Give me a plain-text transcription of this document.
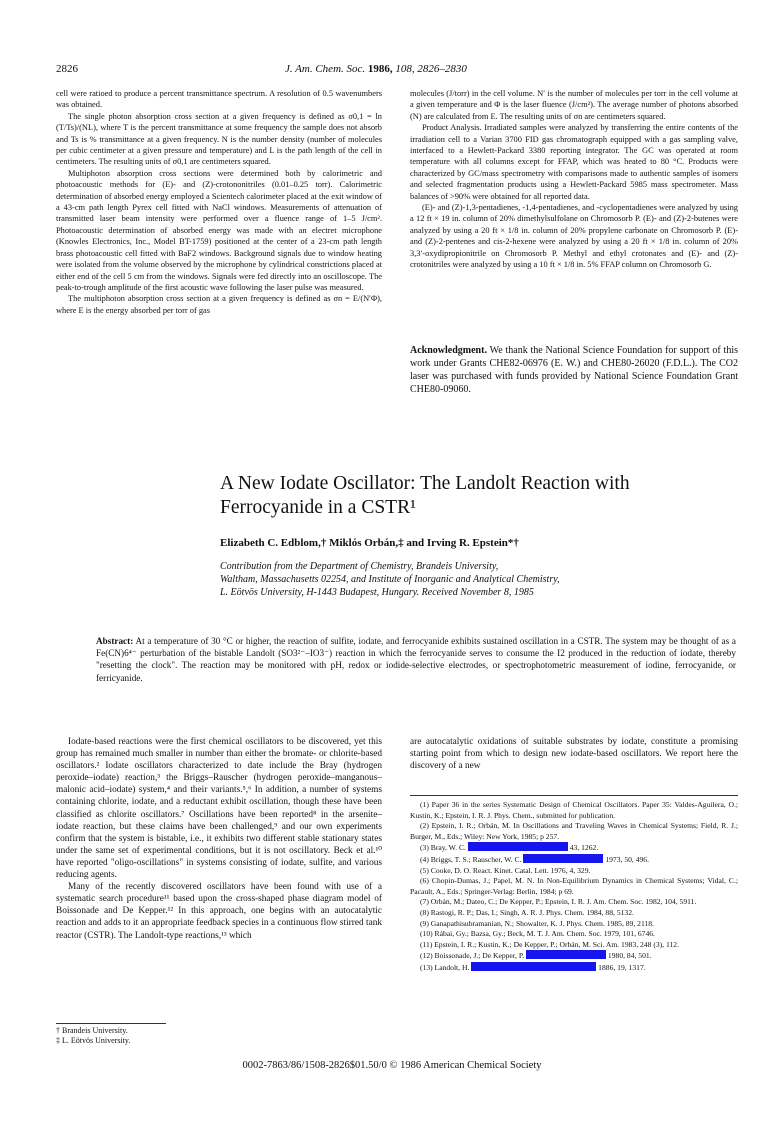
2826	J. Am. Chem. Soc. 1986, 108, 2826–2830

cell were ratioed to produce a percent transmittance spectrum. A resolution of 0.5 wavenumbers was obtained.

The single photon absorption cross section at a given frequency is defined as σ0,1 = ln (T/Ts)/(NL), where T is the percent transmittance at some frequency the sample does not absorb and Ts is % transmittance at a given frequency. N is the number density (number of molecules per cubic centimeter at a given pressure and temperature) and L is the path length of the cell in centimeters. The resulting units of σ0,1 are centimeters squared.

Multiphoton absorption cross sections were determined both by calorimetric and photoacoustic methods for (E)- and (Z)-crotononitriles (0.01–0.25 torr). Calorimetric determination of absorbed energy employed a Scientech calorimeter placed at the exit window of a 43-cm path length Pyrex cell fitted with NaCl windows. Measurements of attenuation of transmitted laser beam intensity were performed over a fluence range of 1–5 J/cm². Photoacoustic determination of absorbed energy was made with an electret microphone (Knowles Electronics, Inc., Model BT-1759) positioned at the center of a 23-cm path length brass photoacoustic cell fitted with BaF2 windows. Background signals due to window heating were isolated from the volume observed by the microphone by cylindrical constrictions placed at either end of the cell 5 cm from the windows. Signals were fed directly into an oscilloscope. The peak-to-trough amplitude of the first acoustic wave following the laser pulse was measured.

The multiphoton absorption cross section at a given frequency is defined as σn = E/(N′Φ), where E is the energy absorbed per torr of gas

molecules (J/torr) in the cell volume. N′ is the number of molecules per torr in the cell volume at a given temperature and Φ is the laser fluence (J/cm²). The average number of photons absorbed (N) are calculated from E. The resulting units of σn are centimeters squared.

Product Analysis. Irradiated samples were analyzed by transferring the entire contents of the irradiation cell to a Varian 3700 FID gas chromatograph equipped with a gas sampling valve, interfaced to a Hewlett-Packard 3380 reporting integrator. The GC was operated at room temperature with all columns except for FFAP, which was heated to 80 °C. Products were characterized by GC/mass spectrometry with comparisons made to authentic samples of isomers and selected fragmentation products using a Hewlett-Packard 5985 mass spectrometer. Mass balances of >90% were obtained for all reported data.

(E)- and (Z)-1,3-pentadienes, -1,4-pentadienes, and -cyclopentadienes were analyzed by using a 12 ft × 19 in. column of 20% dimethylsulfolane on Chromosorb P. (E)- and (Z)-2-butenes were analyzed by using a 20 ft × 1/8 in. column of 20% propylene carbonate on Chromosorb P. (E)- and (Z)-2-pentenes and cis-2-hexene were analyzed by using a 20 ft × 1/8 in. column of 20% 3,3′-oxydipropionitrile on Chromosorb P. Methyl and ethyl crotonates and (E)- and (Z)-crotonitriles were analyzed by using a 10 ft × 1/8 in. 5% FFAP column on Chromosorb G.

Acknowledgment. We thank the National Science Foundation for support of this work under Grants CHE82-06976 (E. W.) and CHE80-26020 (F.D.L.). The CO2 laser was purchased with funds provided by National Science Foundation Grant CHE80-09060.
A New Iodate Oscillator: The Landolt Reaction with
Ferrocyanide in a CSTR¹
Elizabeth C. Edblom,† Miklós Orbán,‡ and Irving R. Epstein*†
Contribution from the Department of Chemistry, Brandeis University,
Waltham, Massachusetts 02254, and Institute of Inorganic and Analytical Chemistry,
L. Eötvös University, H-1443 Budapest, Hungary. Received November 8, 1985
Abstract: At a temperature of 30 °C or higher, the reaction of sulfite, iodate, and ferrocyanide exhibits sustained oscillation in a CSTR. The system may be thought of as a Fe(CN)6⁴⁻ perturbation of the bistable Landolt (SO3²⁻–IO3⁻) reaction in which the ferrocyanide serves to consume the I2 produced in the reduction of iodate, thereby "resetting the clock". The reaction may be monitored with pH, redox or iodide-selective electrodes, or spectrophotometric measurement of iodine, ferrocyanide, or ferricyanide.

Iodate-based reactions were the first chemical oscillators to be discovered, yet this group has remained much smaller in number than either the bromate- or chlorite-based oscillators.² Iodate oscillators characterized to date include the Bray (hydrogen peroxide–iodate) reaction,³ the Briggs–Rauscher (hydrogen peroxide–manganous–malonic acid–iodate) system,⁴ and their variants.⁵,⁶ In addition, a number of systems containing chlorite, iodate, and a reductant exhibit oscillation, though these have been classified as chlorite oscillators.⁷ Oscillations have been reported⁸ in the arsenite–iodate reaction, but these claims have been challenged,⁹ and our own experiments confirm that the system is bistable, i.e., it exhibits two different stable stationary states under the same set of experimental conditions, but it is not oscillatory. Beck et al.¹⁰ have reported "oligo-oscillations" in systems consisting of iodate, sulfite, and various reducing agents.

Many of the recently discovered oscillators have been found with use of a systematic search procedure¹¹ based upon the cross-shaped phase diagram model of Boissonade and De Kepper.¹² In this approach, one begins with an autocatalytic reaction and adds to it an appropriate feedback species in a continuous flow stirred tank reactor (CSTR). The Landolt-type reactions,¹³ which

are autocatalytic oxidations of suitable substrates by iodate, constitute a promising starting point from which to design new iodate-based oscillators. We report here the discovery of a new

(1) Paper 36 in the series Systematic Design of Chemical Oscillators. Paper 35: Valdes-Aguilera, O.; Kustin, K.; Epstein, I. R. J. Phys. Chem., submitted for publication.

(2) Epstein, I. R.; Orbán, M. In Oscillations and Traveling Waves in Chemical Systems; Field, R. J.; Burger, M., Eds.; Wiley: New York, 1985; p 257.

(3) Bray, W. C.	43, 1262.

(4) Briggs, T. S.; Rauscher, W. C.	1973, 50, 496.

(5) Cooke, D. O. React. Kinet. Catal. Lett. 1976, 4, 329.

(6) Chopin-Dumas, J.; Papel, M. N. In Non-Equilibrium Dynamics in Chemical Systems; Vidal, C.; Pacault, A., Eds.; Springer-Verlag: Berlin, 1984; p 69.

(7) Orbán, M.; Dateo, C.; De Kepper, P.; Epstein, I. R. J. Am. Chem. Soc. 1982, 104, 5911.

(8) Rastogi, R. P.; Das, I.; Singh, A. R. J. Phys. Chem. 1984, 88, 5132.

(9) Ganapathisubramanian, N.; Showalter, K. J. Phys. Chem. 1985, 89, 2118.

(10) Rábai, Gy.; Bazsa, Gy.; Beck, M. T. J. Am. Chem. Soc. 1979, 101, 6746.

(11) Epstein, I. R.; Kustin, K.; De Kepper, P.; Orbán, M. Sci. Am. 1983, 248 (3), 112.

(12) Boissonade, J.; De Kepper, P.	1980, 84, 501.

(13) Landolt, H.	1886, 19, 1317.

† Brandeis University.
‡ L. Eötvös University.
0002-7863/86/1508-2826$01.50/0 © 1986 American Chemical Society
